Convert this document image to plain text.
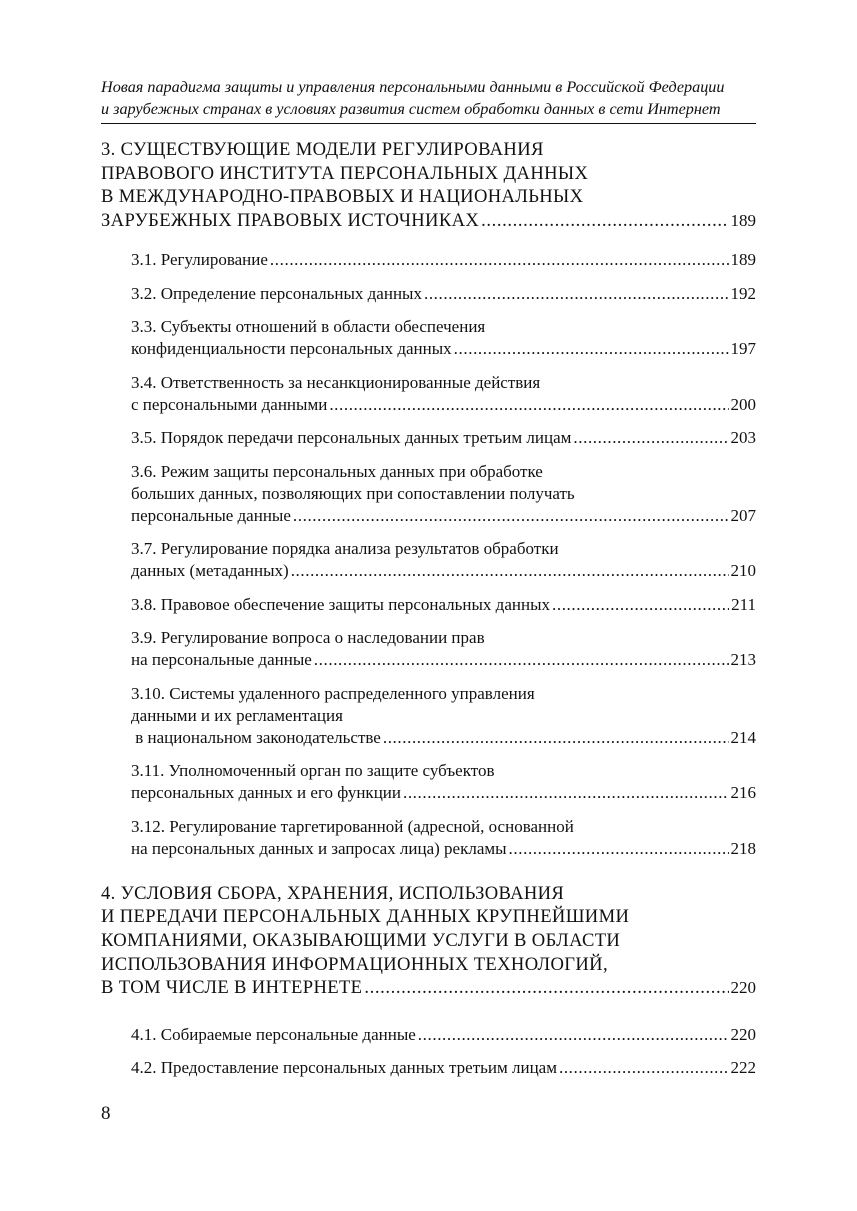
Новая парадигма защиты и управления персональными данными в Российской Федерации
и зарубежных странах в условиях развития систем обработки данных в сети Интернет
3. СУЩЕСТВУЮЩИЕ МОДЕЛИ РЕГУЛИРОВАНИЯ
ПРАВОВОГО ИНСТИТУТА ПЕРСОНАЛЬНЫХ ДАННЫХ
В МЕЖДУНАРОДНО-ПРАВОВЫХ И НАЦИОНАЛЬНЫХ
ЗАРУБЕЖНЫХ ПРАВОВЫХ ИСТОЧНИКАХ .....	189
3.1. Регулирование .....	189
3.2. Определение персональных данных .....	192
3.3. Субъекты отношений в области обеспечения
конфиденциальности персональных данных .....	197
3.4. Ответственность за несанкционированные действия
с персональными данными .....	200
3.5. Порядок передачи персональных данных третьим лицам .....	203
3.6. Режим защиты персональных данных при обработке
больших данных, позволяющих при сопоставлении получать
персональные данные .....	207
3.7. Регулирование порядка анализа результатов обработки
данных (метаданных) .....	210
3.8. Правовое обеспечение защиты персональных данных .....	211
3.9. Регулирование вопроса о наследовании прав
на персональные данные .....	213
3.10. Системы удаленного распределенного управления
данными и их регламентация
в национальном законодательстве .....	214
3.11. Уполномоченный орган по защите субъектов
персональных данных и его функции .....	216
3.12. Регулирование таргетированной (адресной, основанной
на персональных данных и запросах лица) рекламы .....	218
4. УСЛОВИЯ СБОРА, ХРАНЕНИЯ, ИСПОЛЬЗОВАНИЯ
И ПЕРЕДАЧИ ПЕРСОНАЛЬНЫХ ДАННЫХ КРУПНЕЙШИМИ
КОМПАНИЯМИ, ОКАЗЫВАЮЩИМИ УСЛУГИ В ОБЛАСТИ
ИСПОЛЬЗОВАНИЯ ИНФОРМАЦИОННЫХ ТЕХНОЛОГИЙ,
В ТОМ ЧИСЛЕ В ИНТЕРНЕТЕ .....	220
4.1. Собираемые персональные данные .....	220
4.2. Предоставление персональных данных третьим лицам .....	222
8
